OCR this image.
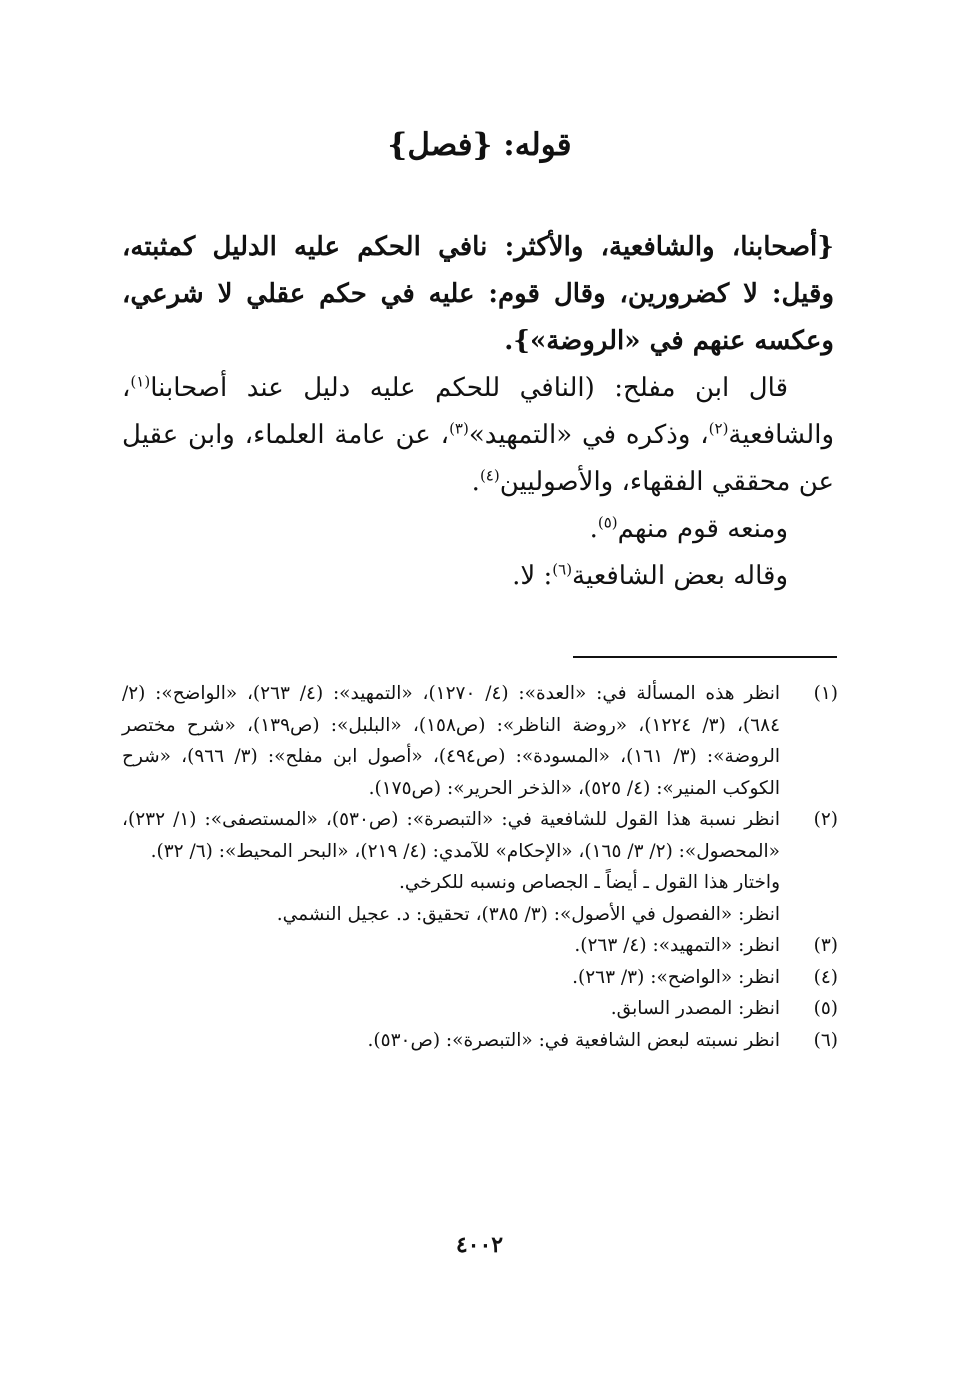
قوله: {فصل}

{أصحابنا، والشافعية، والأكثر: نافي الحكم عليه الدليل كمثبته، وقيل: لا كضرورين، وقال قوم: عليه في حكم عقلي لا شرعي، وعكسه عنهم في «الروضة»}.

قال ابن مفلح: (النافي للحكم عليه دليل عند أصحابنا$^{(١)}$، والشافعية$^{(٢)}$، وذكره في «التمهيد»$^{(٣)}$، عن عامة العلماء، وابن عقيل عن محققي الفقهاء، والأصوليين$^{(٤)}$.

ومنعه قوم منهم$^{(٥)}$.

وقاله بعض الشافعية$^{(٦)}$: لا.

(١)

انظر هذه المسألة في: «العدة»: (٤/ ١٢٧٠)، «التمهيد»: (٤/ ٢٦٣)، «الواضح»: (٢/ ٦٨٤)، (٣/ ١٢٢٤)، «روضة الناظر»: (ص١٥٨)، «البلبل»: (ص١٣٩)، «شرح مختصر الروضة»: (٣/ ١٦١)، «المسودة»: (ص٤٩٤)، «أصول ابن مفلح»: (٣/ ٩٦٦)، «شرح الكوكب المنير»: (٤/ ٥٢٥)، «الذخر الحرير»: (ص١٧٥).

(٢)

انظر نسبة هذا القول للشافعية في: «التبصرة»: (ص٥٣٠)، «المستصفى»: (١/ ٢٣٢)، «المحصول»: (٢/ ٣/ ١٦٥)، «الإحكام» للآمدي: (٤/ ٢١٩)، «البحر المحيط»: (٦/ ٣٢).

واختار هذا القول ـ أيضاً ـ الجصاص ونسبه للكرخي.

انظر: «الفصول في الأصول»: (٣/ ٣٨٥)، تحقيق: د. عجيل النشمي.

(٣)

انظر: «التمهيد»: (٤/ ٢٦٣).

(٤)

انظر: «الواضح»: (٣/ ٢٦٣).

(٥)

انظر: المصدر السابق.

(٦)

انظر نسبته لبعض الشافعية في: «التبصرة»: (ص٥٣٠).

٤٠٠٢
